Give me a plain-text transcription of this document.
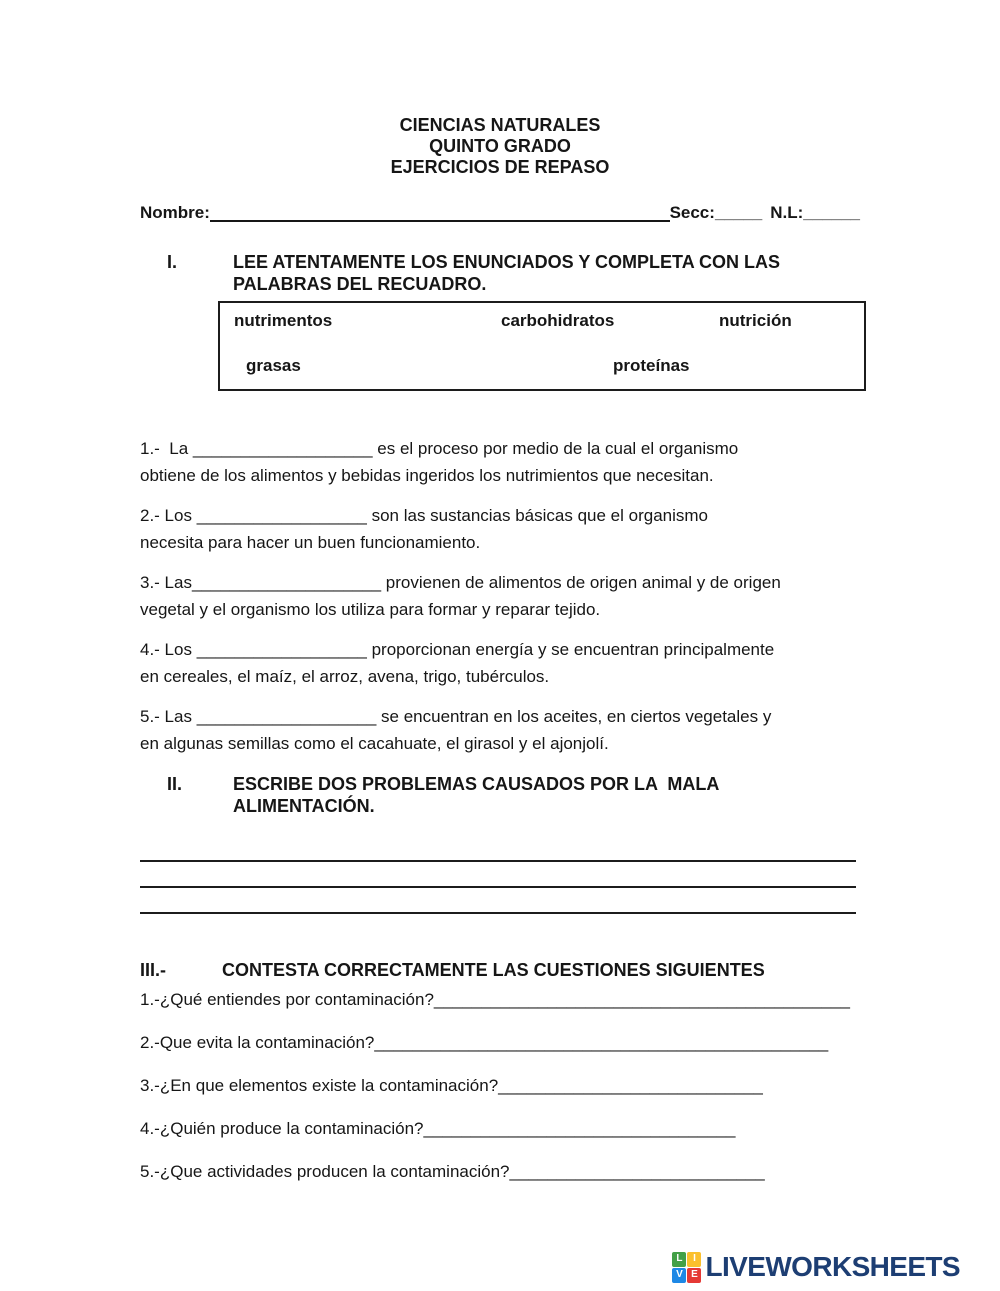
CIENCIAS NATURALES
QUINTO GRADO
EJERCICIOS DE REPASO
Nombre:	Secc: _____ N.L: ______
I.	LEE ATENTAMENTE LOS ENUNCIADOS Y COMPLETA CON LAS
PALABRAS DEL RECUADRO.
nutrimentos	carbohidratos	nutrición
grasas	proteínas
1.-  La ___________________ es el proceso por medio de la cual el organismo
obtiene de los alimentos y bebidas ingeridos los nutrimientos que necesitan.
2.- Los __________________ son las sustancias básicas que el organismo
necesita para hacer un buen funcionamiento.
3.- Las____________________ provienen de alimentos de origen animal y de origen
vegetal y el organismo los utiliza para formar y reparar tejido.
4.- Los __________________ proporcionan energía y se encuentran principalmente
en cereales, el maíz, el arroz, avena, trigo, tubérculos.
5.- Las ___________________ se encuentran en los aceites, en ciertos vegetales y
en algunas semillas como el cacahuate, el girasol y el ajonjolí.
II.	ESCRIBE DOS PROBLEMAS CAUSADOS POR LA  MALA
ALIMENTACIÓN.
III.-	CONTESTA CORRECTAMENTE LAS CUESTIONES SIGUIENTES
1.-¿Qué entiendes por contaminación?____________________________________________
2.-Que evita la contaminación?________________________________________________
3.-¿En que elementos existe la contaminación?____________________________
4.-¿Quién produce la contaminación?_________________________________
5.-¿Que actividades producen la contaminación?___________________________
L	I
V E LIVEWORKSHEETS
